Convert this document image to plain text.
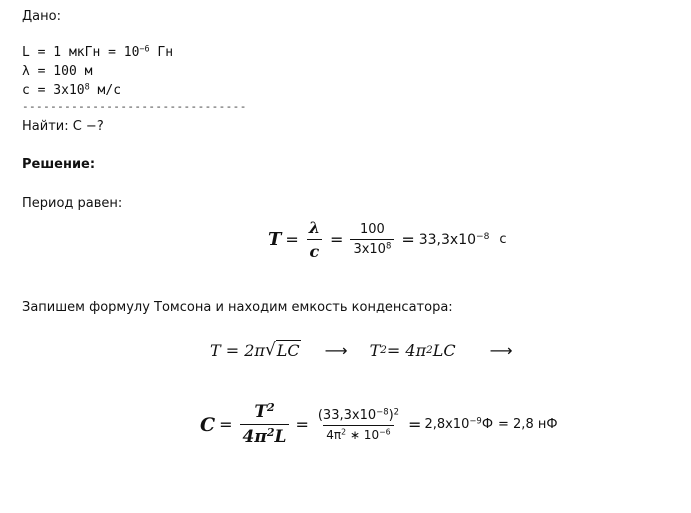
Дано:
L = 1 мкГн = $10^{-6}$ Гн
λ = 100 м
$c = 3x10^8$ м/с
--------------------------------
Найти: С −?
Решение:
Период равен:
$T = \frac{\lambda}{c} = \frac{100}{3x10^8} = 33,3x10^{-8}$ с
Запишем формулу Томсона и находим емкость конденсатора:
T = 2π √ LC ⟶ T 2 = 4π 2 LC ⟶
$C = \frac{T^2}{4\pi^2L} = \frac{(33,3x10^{-8})^2}{4\pi^2 ∗ 10^{-6}} = 2,8x10^{-9}Ф = 2,8$ нФ
